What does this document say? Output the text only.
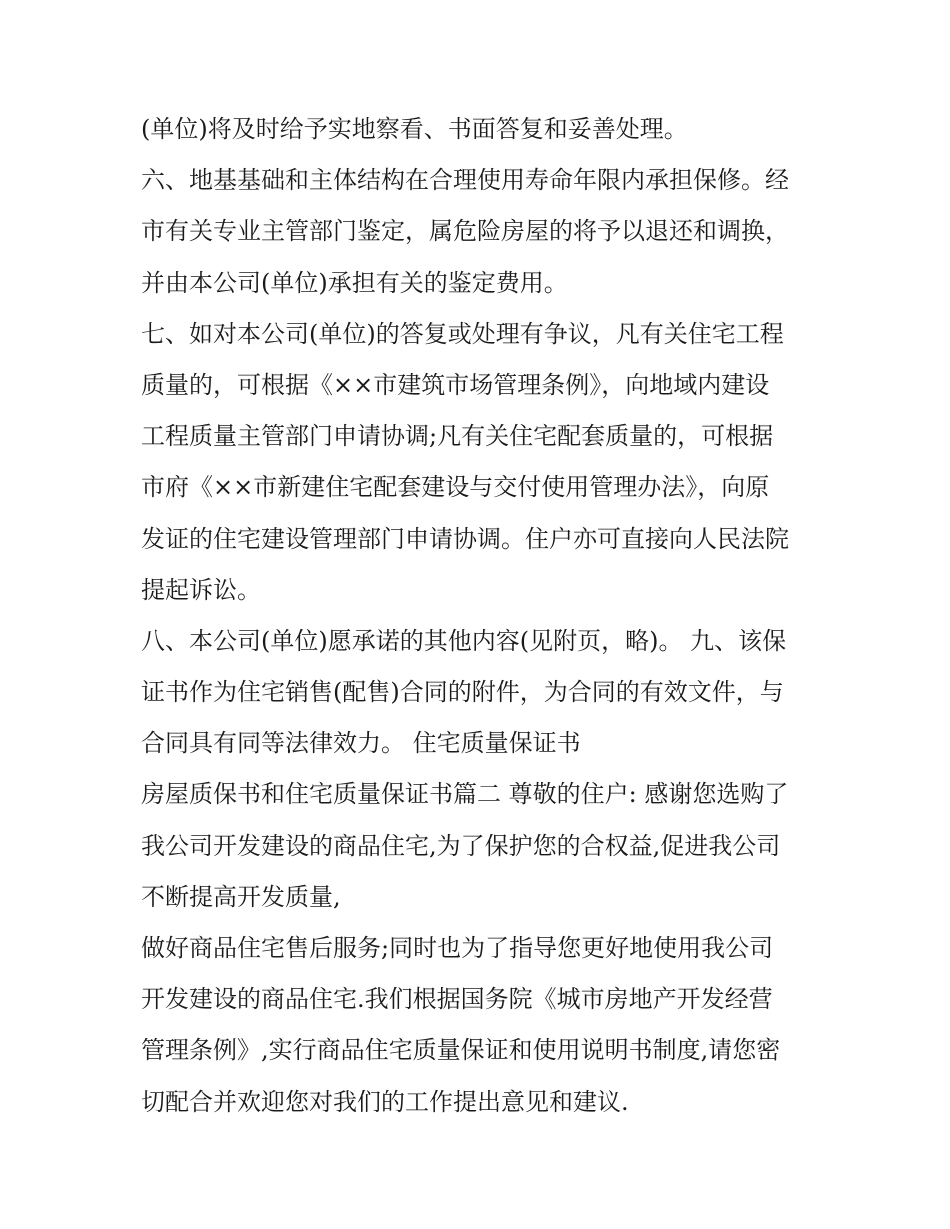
(单位)将及时给予实地察看、书面答复和妥善处理。
六、地基基础和主体结构在合理使用寿命年限内承担保修。经
市有关专业主管部门鉴定，属危险房屋的将予以退还和调换，
并由本公司(单位)承担有关的鉴定费用。
七、如对本公司(单位)的答复或处理有争议，凡有关住宅工程
质量的，可根据《××市建筑市场管理条例》，向地域内建设
工程质量主管部门申请协调;凡有关住宅配套质量的，可根据
市府《××市新建住宅配套建设与交付使用管理办法》，向原
发证的住宅建设管理部门申请协调。住户亦可直接向人民法院
提起诉讼。
八、本公司(单位)愿承诺的其他内容(见附页，略)。 九、该保
证书作为住宅销售(配售)合同的附件，为合同的有效文件，与
合同具有同等法律效力。 住宅质量保证书
房屋质保书和住宅质量保证书篇二 尊敬的住户: 感谢您选购了
我公司开发建设的商品住宅,为了保护您的合权益,促进我公司
不断提高开发质量,
做好商品住宅售后服务;同时也为了指导您更好地使用我公司
开发建设的商品住宅.我们根据国务院《城市房地产开发经营
管理条例》,实行商品住宅质量保证和使用说明书制度,请您密
切配合并欢迎您对我们的工作提出意见和建议.
